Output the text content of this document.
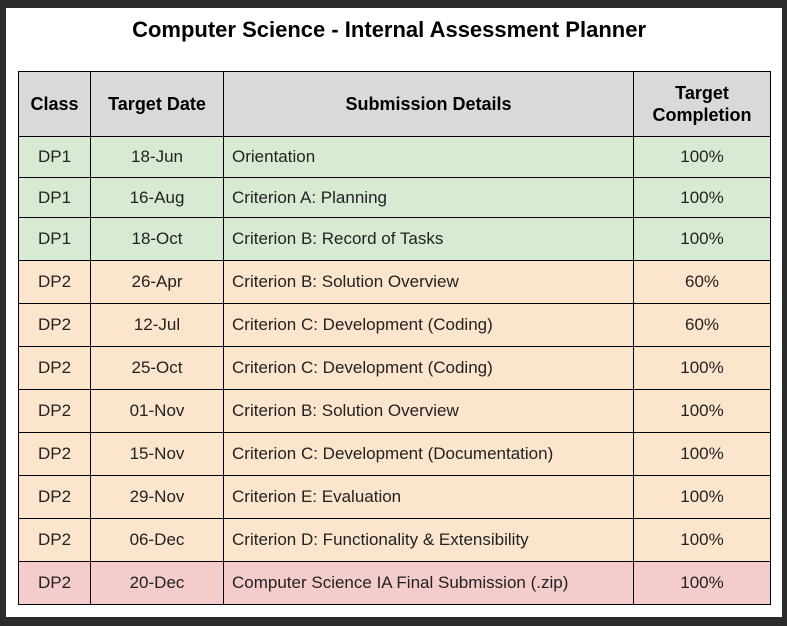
Computer Science - Internal Assessment Planner
Class	Target Date	Submission Details	Target
Completion
DP1	18-Jun	Orientation	100%
DP1	16-Aug	Criterion A: Planning	100%
DP1	18-Oct	Criterion B: Record of Tasks	100%
DP2	26-Apr	Criterion B: Solution Overview	60%
DP2	12-Jul	Criterion C: Development (Coding)	60%
DP2	25-Oct	Criterion C: Development (Coding)	100%
DP2	01-Nov	Criterion B: Solution Overview	100%
DP2	15-Nov	Criterion C: Development (Documentation)	100%
DP2	29-Nov	Criterion E: Evaluation	100%
DP2	06-Dec	Criterion D: Functionality & Extensibility	100%
DP2	20-Dec	Computer Science IA Final Submission (.zip)	100%
